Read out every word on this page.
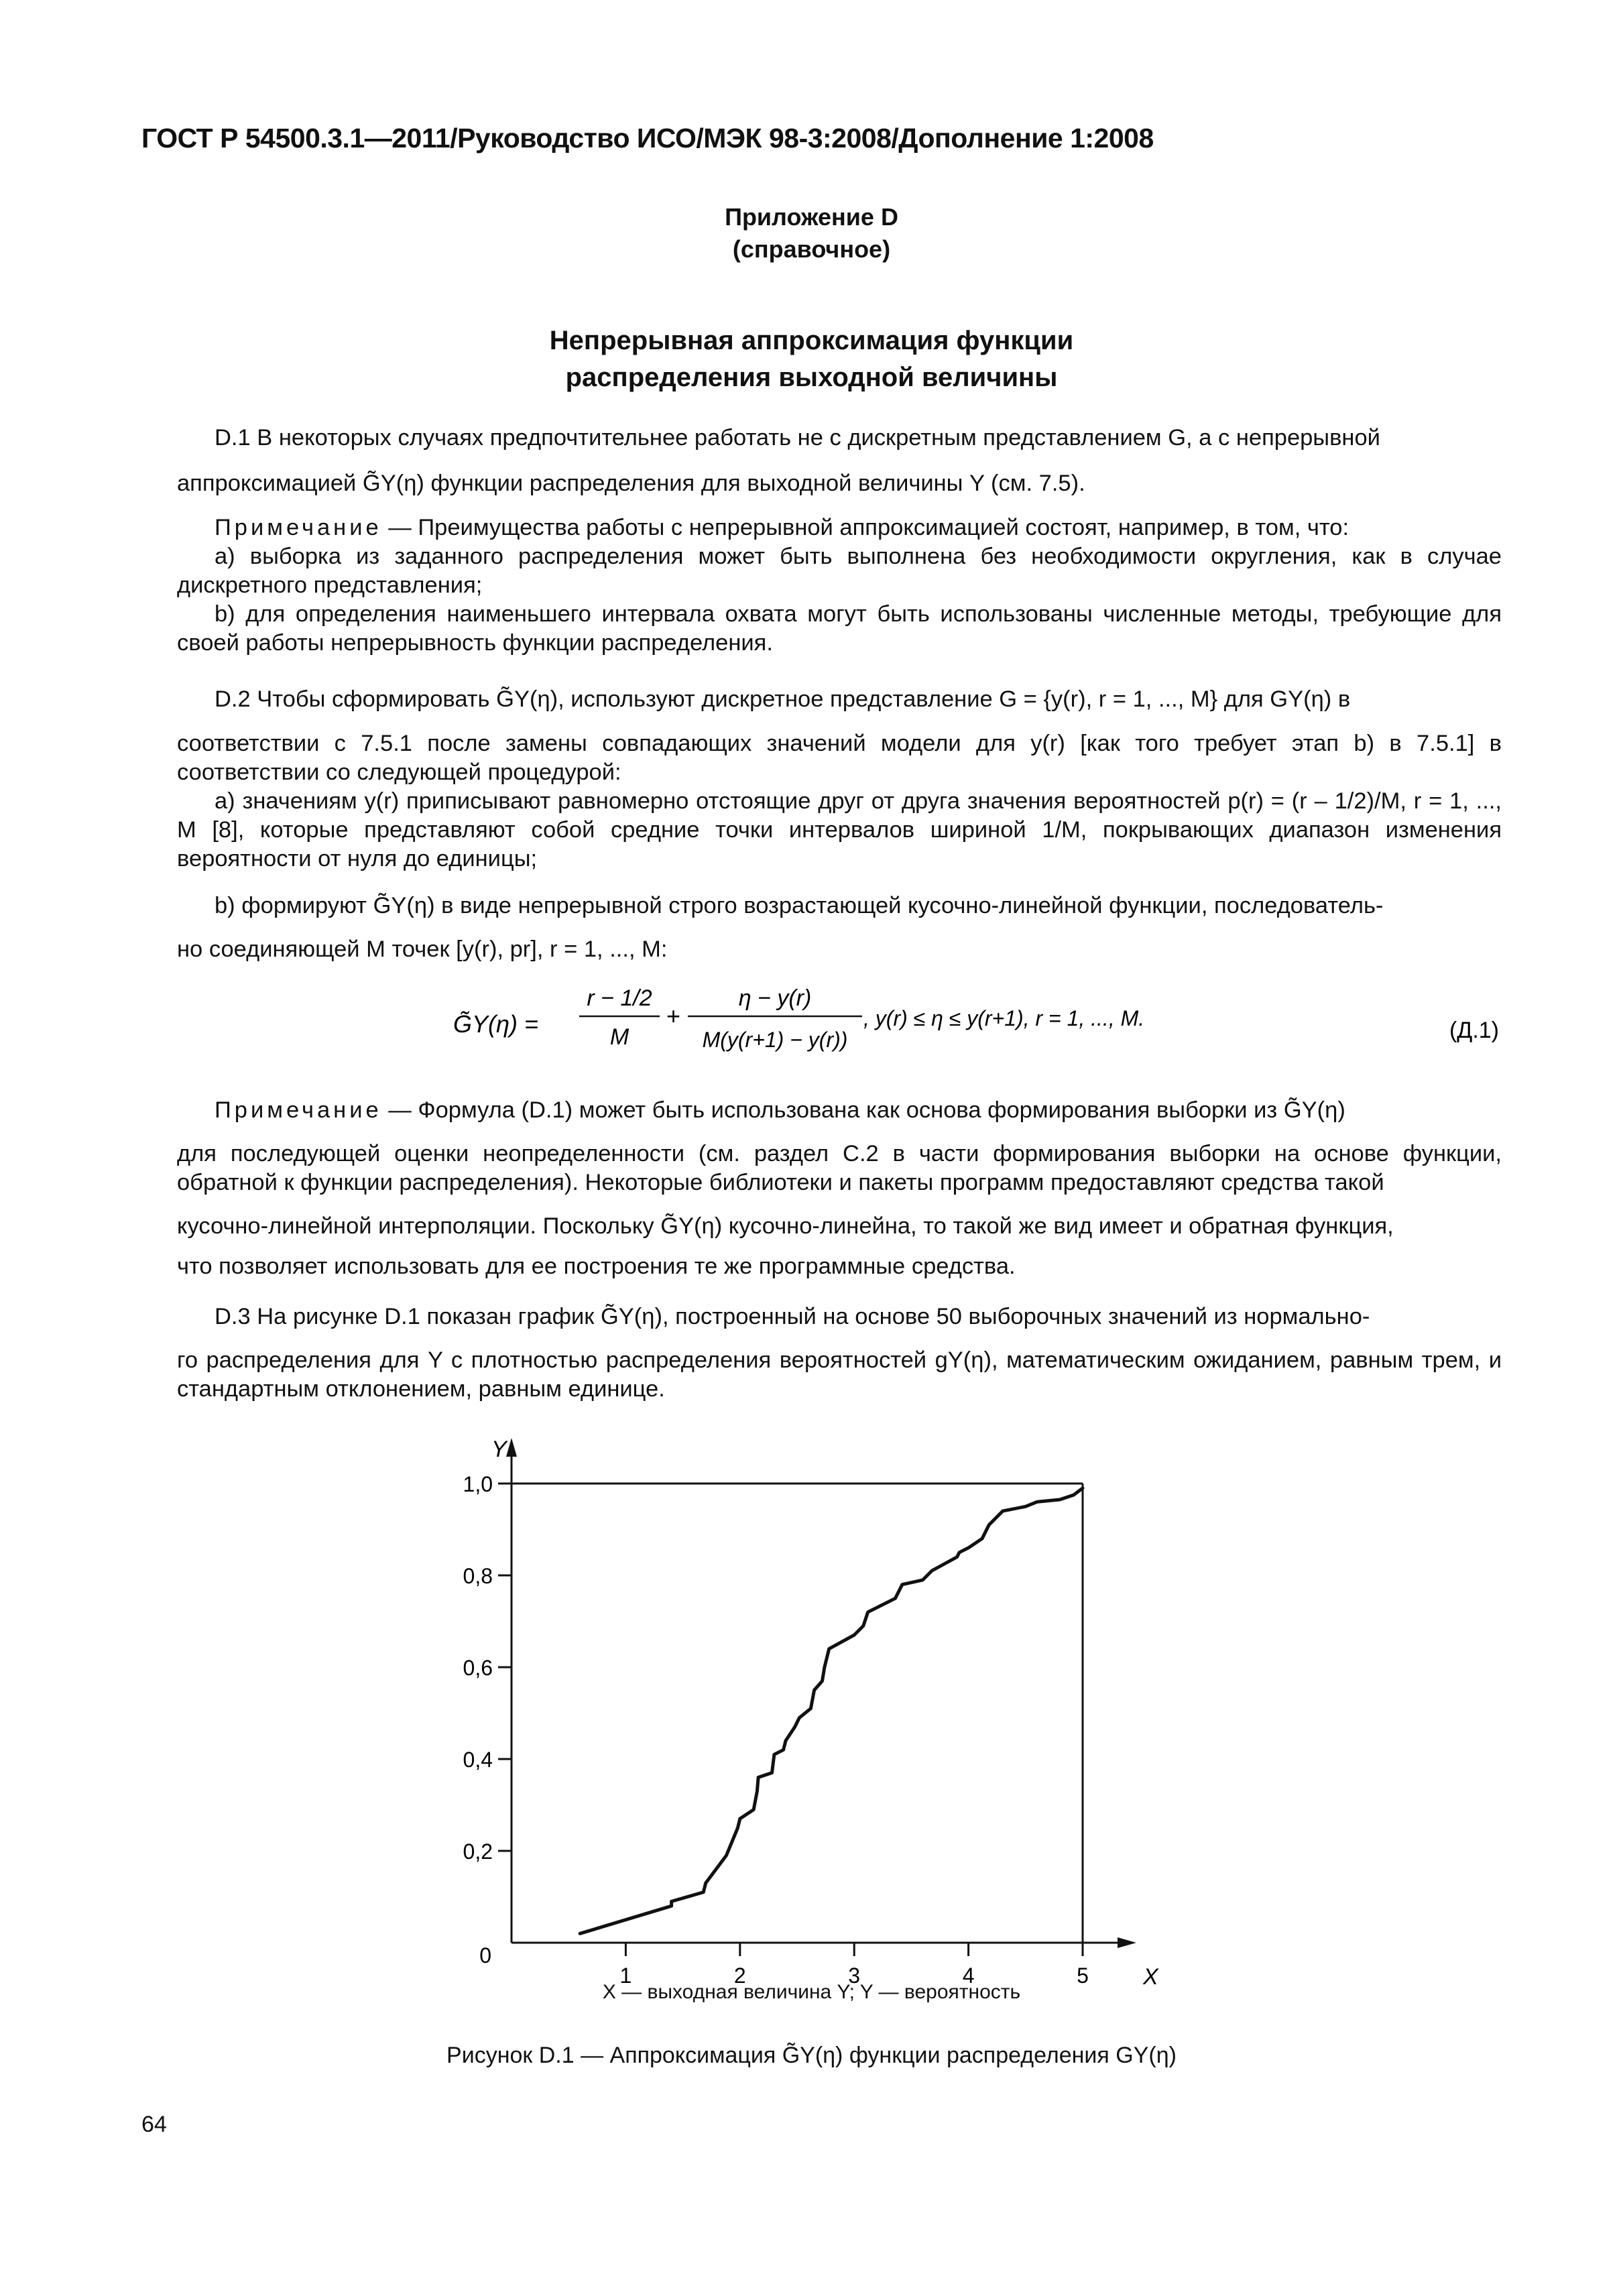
ГОСТ Р 54500.3.1—2011/Руководство ИСО/МЭК 98-3:2008/Дополнение 1:2008
Приложение D
(справочное)
Непрерывная аппроксимация функции
распределения выходной величины
D.1 В некоторых случаях предпочтительнее работать не с дискретным представлением G, а с непрерывной
аппроксимацией G̃Y(η) функции распределения для выходной величины Y (см. 7.5).
Примечание — Преимущества работы с непрерывной аппроксимацией состоят, например, в том, что:
a) выборка из заданного распределения может быть выполнена без необходимости округления, как в случае дискретного представления;
b) для определения наименьшего интервала охвата могут быть использованы численные методы, требующие для своей работы непрерывность функции распределения.
D.2 Чтобы сформировать G̃Y(η), используют дискретное представление G = {y(r), r = 1, ..., M} для GY(η) в
соответствии с 7.5.1 после замены совпадающих значений модели для y(r) [как того требует этап b) в 7.5.1] в соответствии со следующей процедурой:
a) значениям y(r) приписывают равномерно отстоящие друг от друга значения вероятностей p(r) = (r – 1/2)/M, r = 1, ..., M [8], которые представляют собой средние точки интервалов шириной 1/M, покрывающих диапазон изменения вероятности от нуля до единицы;
b) формируют G̃Y(η) в виде непрерывной строго возрастающей кусочно-линейной функции, последователь-
но соединяющей M точек [y(r), pr], r = 1, ..., M:
G̃Y(η) =
r − 1/2
M
+
η − y(r)
M(y(r+1) − y(r))
, y(r) ≤ η ≤ y(r+1), r = 1, ..., M.	(Д.1)
Примечание — Формула (D.1) может быть использована как основа формирования выборки из G̃Y(η)
для последующей оценки неопределенности (см. раздел С.2 в части формирования выборки на основе функции, обратной к функции распределения). Некоторые библиотеки и пакеты программ предоставляют средства такой
кусочно-линейной интерполяции. Поскольку G̃Y(η) кусочно-линейна, то такой же вид имеет и обратная функция,
что позволяет использовать для ее построения те же программные средства.
D.3 На рисунке D.1 показан график G̃Y(η), построенный на основе 50 выборочных значений из нормально-
го распределения для Y с плотностью распределения вероятностей gY(η), математическим ожиданием, равным трем, и стандартным отклонением, равным единице.
Y
X
0
0,2
0,4
0,6
0,8
1,0
1	2	3	4	5
X — выходная величина Y; Y — вероятность
Рисунок D.1 — Аппроксимация G̃Y(η) функции распределения GY(η)
64
